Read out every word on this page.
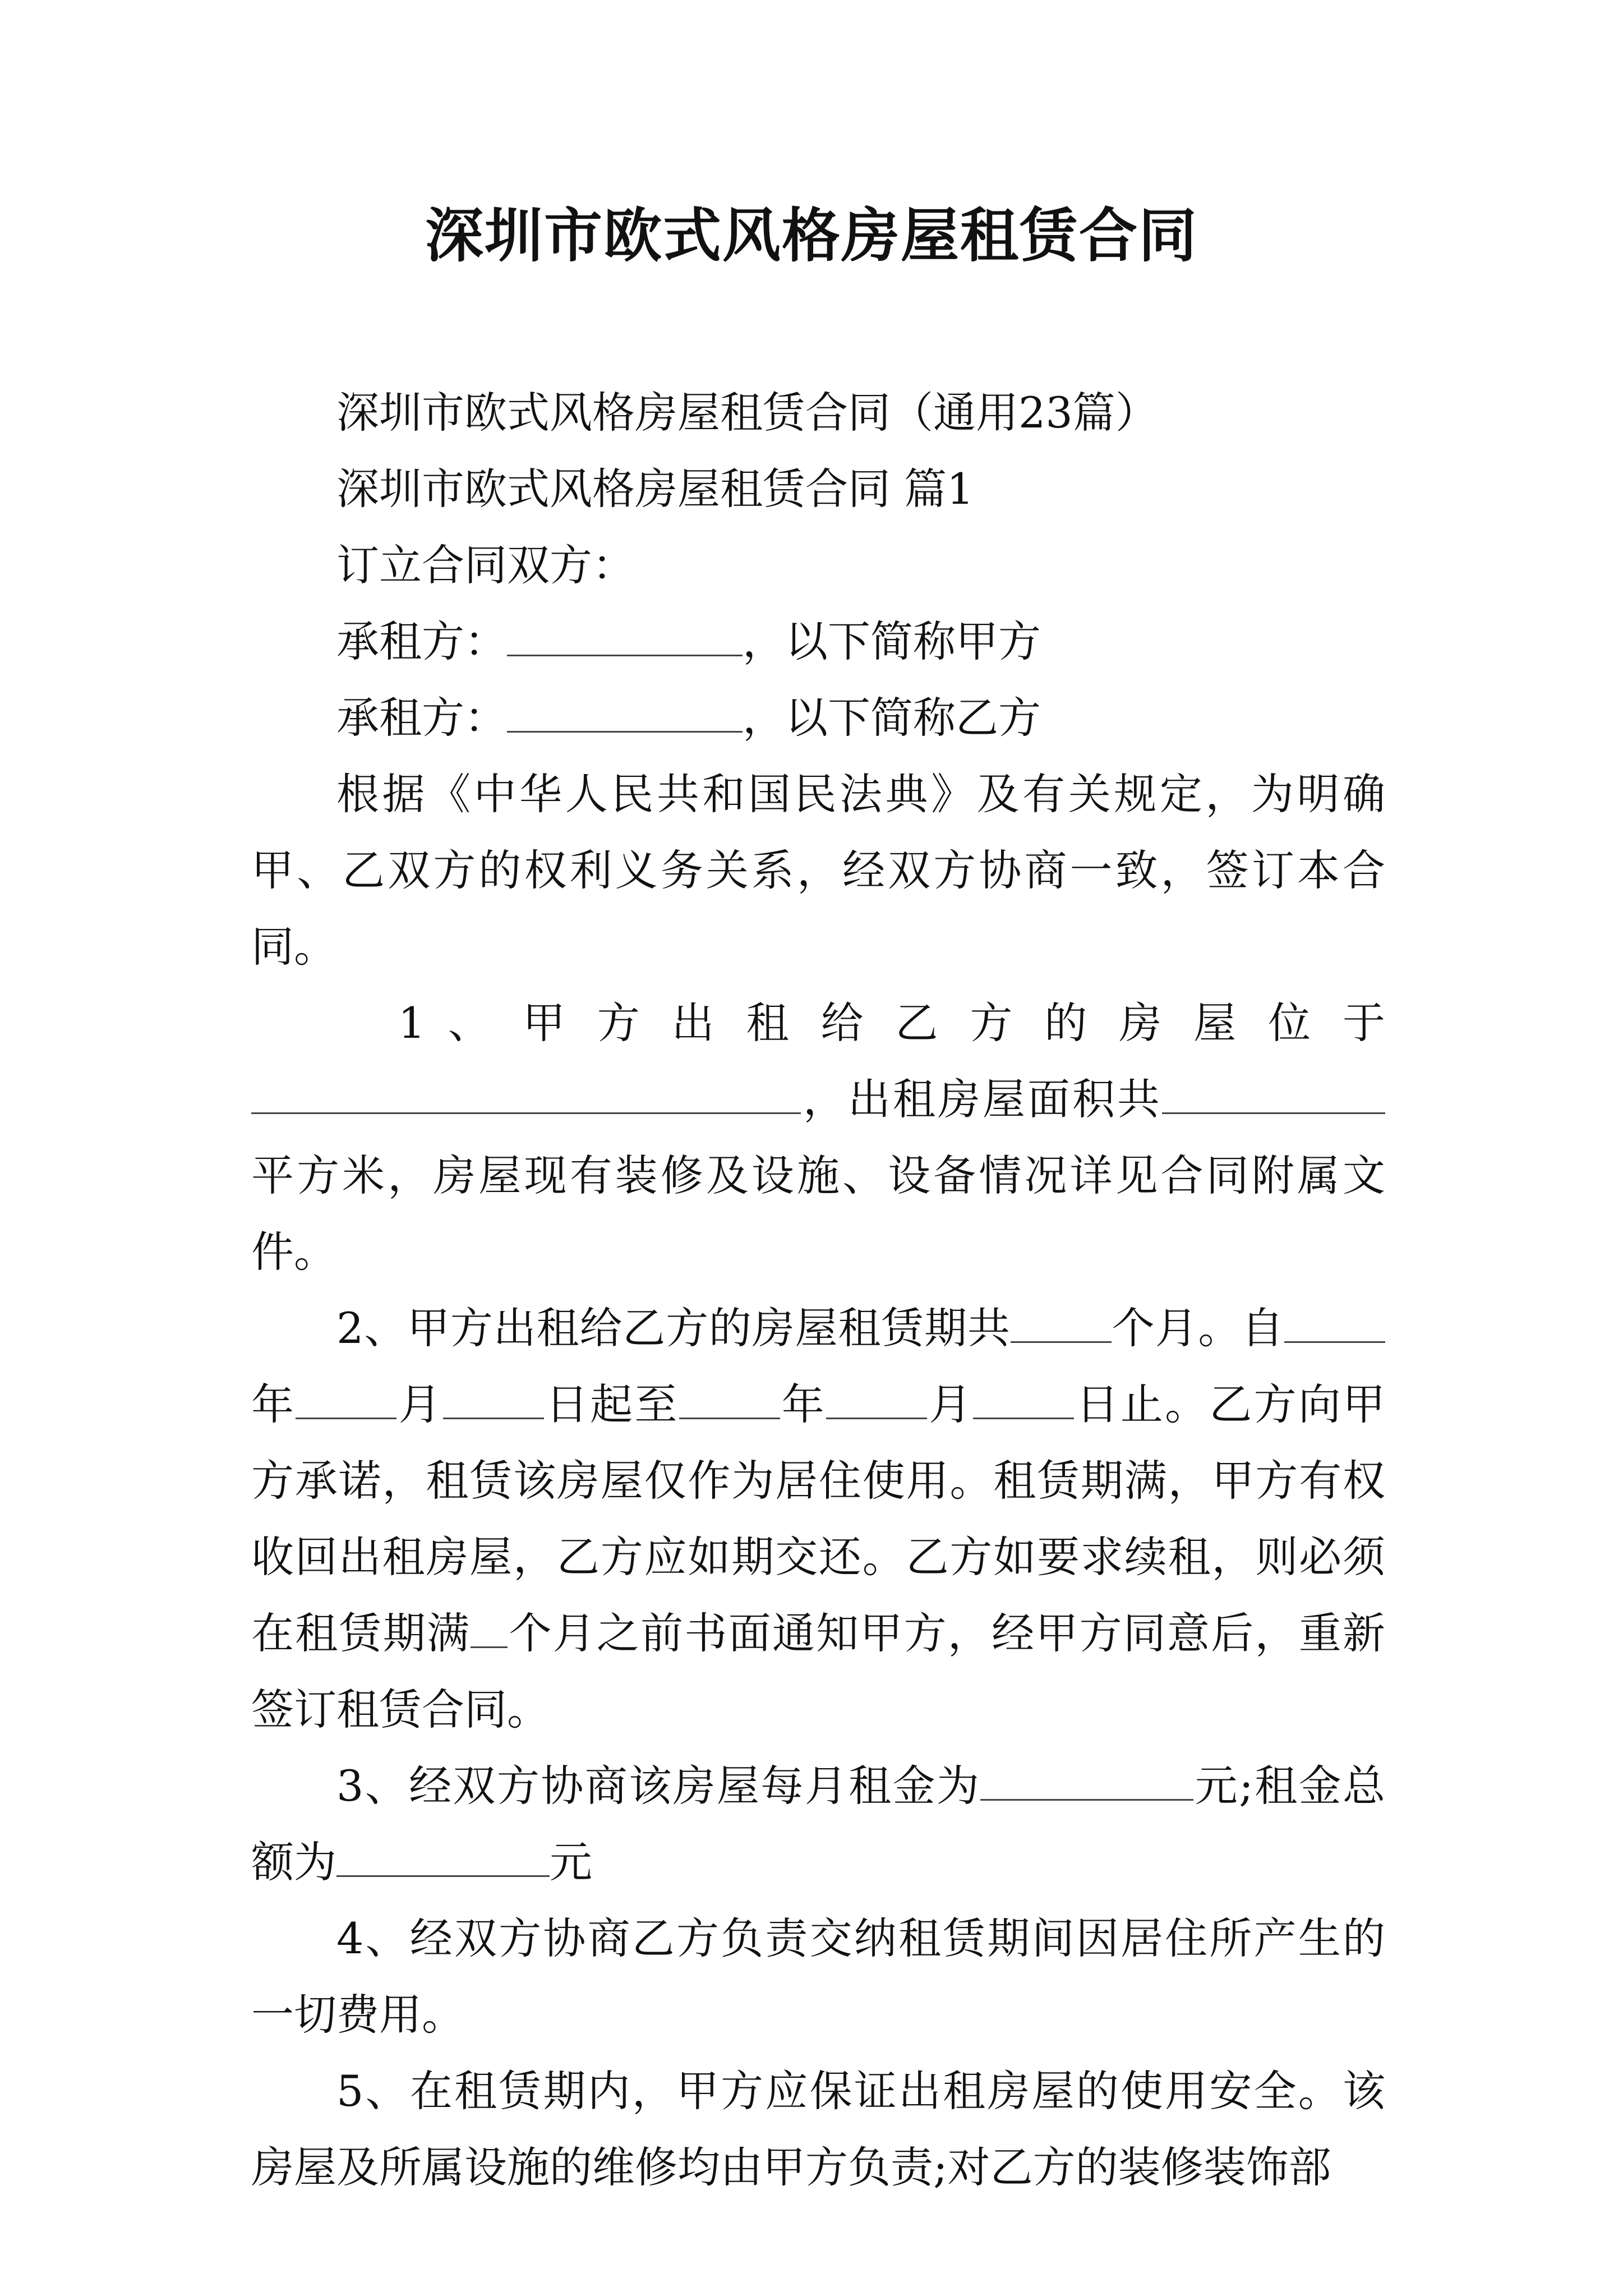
深圳市欧式风格房屋租赁合同

深圳市欧式风格房屋租赁合同（通用23篇）

深圳市欧式风格房屋租赁合同 篇1

订立合同双方：

承租方：	，以下简称甲方

承租方：	，以下简称乙方

根据《中华人民共和国民法典》及有关规定，为明确甲、乙双方的权利义务关系，经双方协商一致，签订本合同。

1 、 甲 方 出 租 给 乙 方 的 房 屋 位 于
，出租房屋面积共平方米，房屋现有装修及设施、设备情况详见合同附属文件。

2、甲方出租给乙方的房屋租赁期共 个月。自年 月 日起至 年 月 日止。乙方向甲方承诺，租赁该房屋仅作为居住使用。租赁期满，甲方有权收回出租房屋，乙方应如期交还。乙方如要求续租，则必须在租赁期满 个月之前书面通知甲方，经甲方同意后，重新签订租赁合同。

3、经双方协商该房屋每月租金为	元;租金总额为	元

4、经双方协商乙方负责交纳租赁期间因居住所产生的一切费用。

5、在租赁期内，甲方应保证出租房屋的使用安全。该房屋及所属设施的维修均由甲方负责;对乙方的装修装饰部
